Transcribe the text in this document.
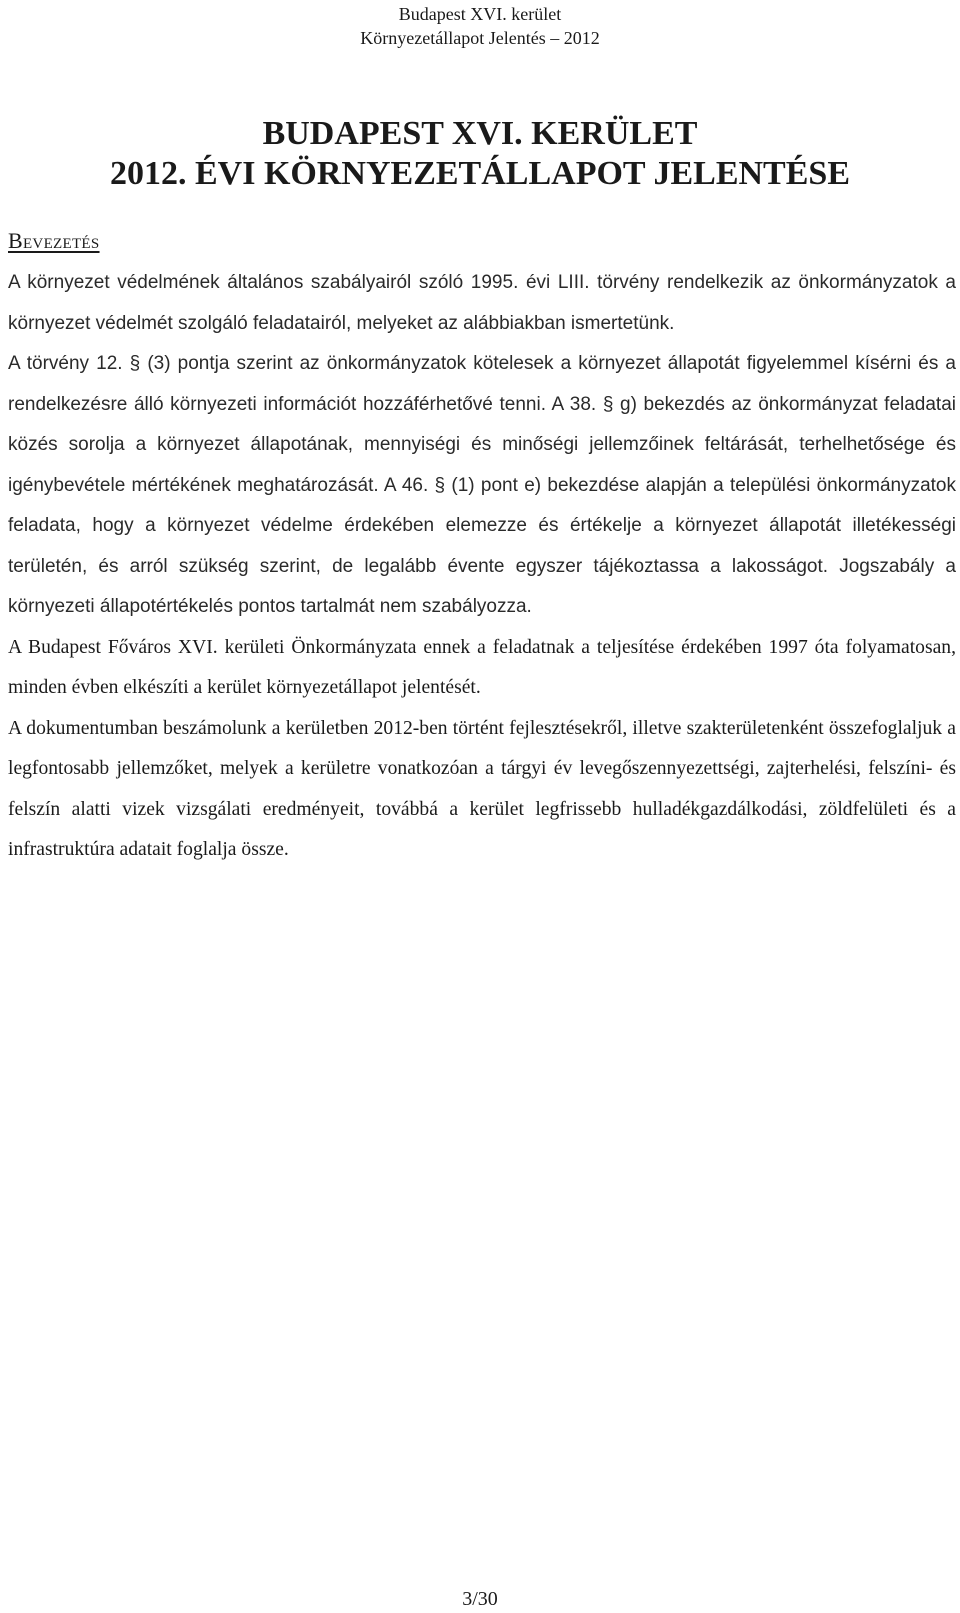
Budapest XVI. kerület
Környezetállapot Jelentés – 2012
BUDAPEST XVI. KERÜLET
2012. ÉVI KÖRNYEZETÁLLAPOT JELENTÉSE
Bevezetés

A környezet védelmének általános szabályairól szóló 1995. évi LIII. törvény rendelkezik az önkormányzatok a környezet védelmét szolgáló feladatairól, melyeket az alábbiakban ismertetünk.

A törvény 12. § (3) pontja szerint az önkormányzatok kötelesek a környezet állapotát figyelemmel kísérni és a rendelkezésre álló környezeti információt hozzáférhetővé tenni. A 38. § g) bekezdés az önkormányzat feladatai közés sorolja a környezet állapotának, mennyiségi és minőségi jellemzőinek feltárását, terhelhetősége és igénybevétele mértékének meghatározását. A 46. § (1) pont e) bekezdése alapján a települési önkormányzatok feladata, hogy a környezet védelme érdekében elemezze és értékelje a környezet állapotát illetékességi területén, és arról szükség szerint, de legalább évente egyszer tájékoztassa a lakosságot. Jogszabály a környezeti állapotértékelés pontos tartalmát nem szabályozza.

A Budapest Főváros XVI. kerületi Önkormányzata ennek a feladatnak a teljesítése érdekében 1997 óta folyamatosan, minden évben elkészíti a kerület környezetállapot jelentését.

A dokumentumban beszámolunk a kerületben 2012-ben történt fejlesztésekről, illetve szakterületenként összefoglaljuk a legfontosabb jellemzőket, melyek a kerületre vonatkozóan a tárgyi év levegőszennyezettségi, zajterhelési, felszíni- és felszín alatti vizek vizsgálati eredményeit, továbbá a kerület legfrissebb hulladékgazdálkodási, zöldfelületi és a infrastruktúra adatait foglalja össze.

3/30
